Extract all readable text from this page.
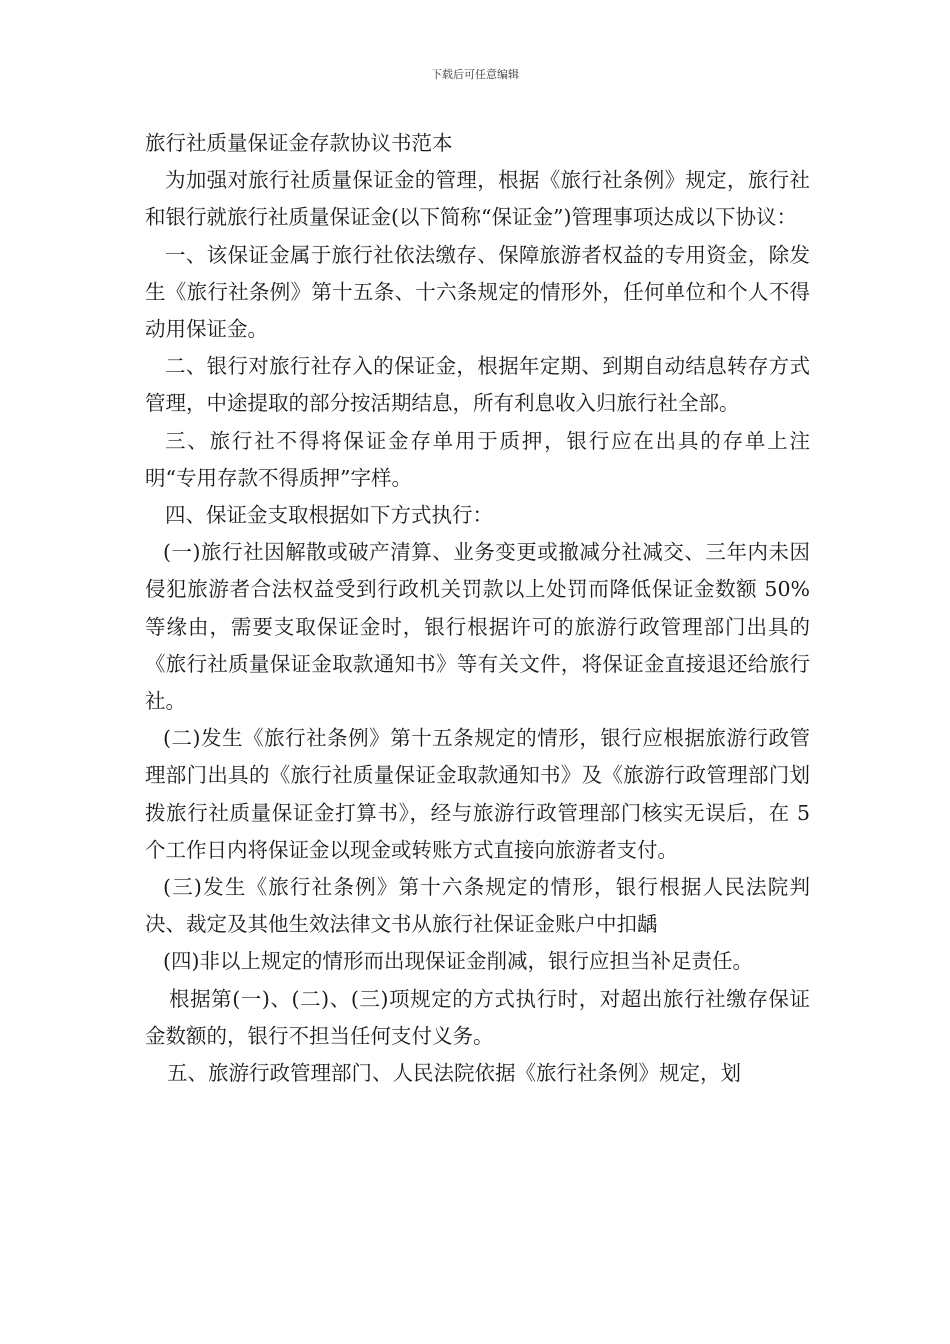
下载后可任意编辑

旅行社质量保证金存款协议书范本

为加强对旅行社质量保证金的管理，根据《旅行社条例》规定，旅行社和银行就旅行社质量保证金(以下简称“保证金”)管理事项达成以下协议：

一、该保证金属于旅行社依法缴存、保障旅游者权益的专用资金，除发生《旅行社条例》第十五条、十六条规定的情形外，任何单位和个人不得动用保证金。

二、银行对旅行社存入的保证金，根据年定期、到期自动结息转存方式管理，中途提取的部分按活期结息，所有利息收入归旅行社全部。

三、旅行社不得将保证金存单用于质押，银行应在出具的存单上注明“专用存款不得质押”字样。

四、保证金支取根据如下方式执行：

(一)旅行社因解散或破产清算、业务变更或撤减分社减交、三年内未因侵犯旅游者合法权益受到行政机关罚款以上处罚而降低保证金数额 50%等缘由，需要支取保证金时，银行根据许可的旅游行政管理部门出具的《旅行社质量保证金取款通知书》等有关文件，将保证金直接退还给旅行社。

(二)发生《旅行社条例》第十五条规定的情形，银行应根据旅游行政管理部门出具的《旅行社质量保证金取款通知书》及《旅游行政管理部门划拨旅行社质量保证金打算书》，经与旅游行政管理部门核实无误后，在 5 个工作日内将保证金以现金或转账方式直接向旅游者支付。

(三)发生《旅行社条例》第十六条规定的情形，银行根据人民法院判决、裁定及其他生效法律文书从旅行社保证金账户中扣龋

(四)非以上规定的情形而出现保证金削减，银行应担当补足责任。

根据第(一)、(二)、(三)项规定的方式执行时，对超出旅行社缴存保证金数额的，银行不担当任何支付义务。

五、旅游行政管理部门、人民法院依据《旅行社条例》规定，划
